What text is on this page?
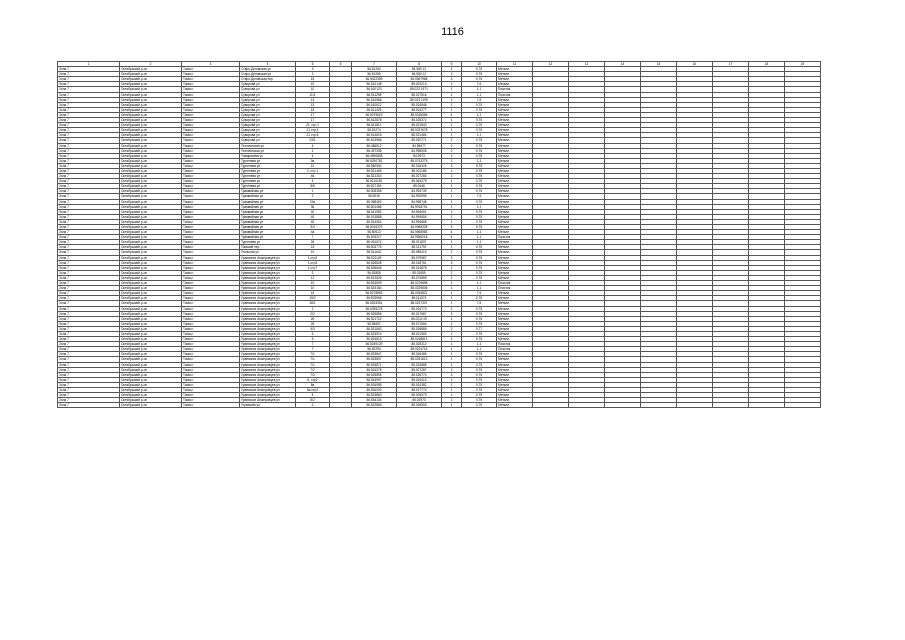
1116
1	2	3	4	5	6	7	8	9	10	11	12	13	14	15	16	17	18	19
Зона 7	Октябрьский р-он	Томск г	Старо-Деповская ул	3		56.51263	84.980 12	2	0,75	Металл								
Зона 7	Октябрьский р-он	Томск г	Старо-Деповская ул	3		56.51265	84.980 12	1	0,75	Металл								
Зона 7	Октябрьский р-он	Томск г	Старо-Деповская пер	15		56.5022359	84.9967968	3	0,75	Металл								
Зона 7	Октябрьский р-он	Томск г	Суворова ул	10		56.510148	85.023213	1	7,6	Металл								
Зона 7	Октябрьский р-он	Томск г	Суворова ул	10		56.510123	85.023 1971	1	1,1	Пластик								
Зона 7	Октябрьский р-он	Томск г	Суворова ул	11/1		56.511298	85.027516	1	1,1	Пластик								
Зона 7	Октябрьский р-он	Томск г	Суворова ул	13		56.510966	85.023 1199	1	7,6	Металл								
Зона 7	Октябрьский р-он	Томск г	Суворова ул	13		56.510612	85.024546	1	0,75	Металл								
Зона 7	Октябрьский р-он	Томск г	Суворова ул	15		56.511425	85.024277	1	0,75	Металл								
Зона 7	Октябрьский р-он	Томск г	Суворова ул	17		56.5075519	85.0236556	4	1,1	Металл								
Зона 7	Октябрьский р-он	Томск г	Суворова ул	17		56.512878	85.025372	1	0,75	Металл								
Зона 7	Октябрьский р-он	Томск г	Суворова ул	21, стр.1		56.511812	85.021842	2	0,75	Металл								
Зона 7	Октябрьский р-он	Томск г	Суворова ул	21 стр.4		56.51274	85.0237678	1	0,75	Металл								
Зона 7	Октябрьский р-он	Томск г	Суворова ул	21 стр.6		56.514815	85.021484	1	1,1	Металл								
Зона 7	Октябрьский р-он	Томск г	Суворова ул	23/1		56.513966	85.020771	2	0,75	Металл								
Зона 7	Октябрьский р-он	Томск г	Техническая ул	4		56.486512	84.95677	1	0,75	Металл								
Зона 7	Октябрьский р-он	Томск г	Техническая ул	2		56.497398	84.998908	2	0,75	Металл								
Зона 7	Октябрьский р-он	Томск г	Тимирязева ул	4		56.4990808	84.9973	1	0,75	Металл								
Зона 7	Октябрьский р-он	Томск г	Тургенева ул	9а		56.5290782	85.0743275	1	1,1	Металл								
Зона 7	Октябрьский р-он	Томск г	Тургенева ул	10		56.550934	85.016426	3	0,75	Металл								
Зона 7	Октябрьский р-он	Томск г	Тургенева ул	2, стр.1		56.521465	85.021186	1	0,75	Металл								
Зона 7	Октябрьский р-он	Томск г	Тургенева ул	46		56.521302	85.027266	2	0,75	Металл								
Зона 7	Октябрьский р-он	Томск г	Тургенева ул	4		56.5110152	85.064279	1	0,75	Металл								
Зона 7	Октябрьский р-он	Томск г	Тургенева ул	8/8		56.527154	85.0446	1	0,75	Металл								
Зона 7	Октябрьский р-он	Томск г	Трамвайная ул	1		56.505358	84.993739	1	0,75	Металл								
Зона 7	Октябрьский р-он	Томск г	Трамвайная ул	2		56.5915	84.992595	1	7,6	Металл								
Зона 7	Октябрьский р-он	Томск г	Трамвайная ул	23а		56.398482	84.998748	1	0,75	Металл								
Зона 7	Октябрьский р-он	Томск г	Трамвайная ул	36		56.501486	84.9918791	1	1,1	Металл								
Зона 7	Октябрьский р-он	Томск г	Трамвайная ул	40		56.511983	84.994061	1	0,75	Металл								
Зона 7	Октябрьский р-он	Томск г	Трамвайная ул	40		56.513888	84.994804	1	0,75	Металл								
Зона 7	Октябрьский р-он	Томск г	Трамвайная ул	40		56.514064	84.994868	1	0,75	Металл								
Зона 7	Октябрьский р-он	Томск г	Трамвайная ул	3/4		56.5016379	84.9968328	3	0,75	Металл								
Зона 7	Октябрьский р-он	Томск г	Трамвайная ул	4а		56.50613	84.9968983	4	1,1	Металл								
Зона 7	Октябрьский р-он	Томск г	Трамвайная ул	7		56.503217	84.9956218	4	1,1	Пластик								
Зона 7	Октябрьский р-он	Томск г	Тургенева ул	26		56.491674	85.011837	1	1,1	Металл								
Зона 7	Октябрьский р-он	Томск г	Томский пер	15		56.503775	85.011791	1	0,75	Металл								
Зона 7	Октябрьский р-он	Томск г	Угольная ул	10		56.511642	85.085419	2	0,75	Металл								
Зона 7	Октябрьский р-он	Томск г	Ураевских Анжеровцев ул	1,стр2		56.521149	85.079967	3	0,75	Металл								
Зона 7	Октябрьский р-он	Томск г	Ураевских Анжеровцев ул	1,стр3		56.526628	85.018761	3	0,75	Металл								
Зона 7	Октябрьский р-он	Томск г	Ураевских Анжеровцев ул	1,стр7		56.526646	85.014878	1	0,75	Металл								
Зона 7	Октябрьский р-он	Томск г	Ураевских Анжеровцев ул	3		56.52858	85.01859	2	0,75	Металл								
Зона 7	Октябрьский р-он	Томск г	Ураевских Анжеровцев ул	12		56.512526	85.074859	2	0,75	Металл								
Зона 7	Октябрьский р-он	Томск г	Ураевских Анжеровцев ул	10		56.524509	85.0276898	1	1,1	Пластик								
Зона 7	Октябрьский р-он	Томск г	Ураевских Анжеровцев ул	10		56.524184	85.0229836	1	1,1	Пластик								
Зона 7	Октябрьский р-он	Томск г	Ураевских Анжеровцев ул	15		56.5278853	85.0254822	1	7,6	Металл								
Зона 7	Октябрьский р-он	Томск г	Ураевских Анжеровцев ул	15/2		56.523966	85.011574	1	0,75	Металл								
Зона 7	Октябрьский р-он	Томск г	Ураевских Анжеровцев ул	18/1		56.5263351	85.0247337	1	7,6	Металл								
Зона 7	Октябрьский р-он	Томск г	Ураевских Анжеровцев ул	2		56.5255278	85.024773	2	0,75	Металл								
Зона 7	Октябрьский р-он	Томск г	Ураевских Анжеровцев ул	2/2		56.525856	85.017667	3	0,75	Металл								
Зона 7	Октябрьский р-он	Томск г	Ураевских Анжеровцев ул	26		56.521722	85.0211 09	1	0,75	Металл								
Зона 7	Октябрьский р-он	Томск г	Ураевских Анжеровцев ул	26		56.55697	85.071554	1	0,75	Металл								
Зона 7	Октябрьский р-он	Томск г	Ураевских Анжеровцев ул	4/3		56.521663	85.026868	2	0,77	Металл								
Зона 7	Октябрьский р-он	Томск г	Ураевских Анжеровцев ул	5		56.523914	85.021583	1	0,75	Металл								
Зона 7	Октябрьский р-он	Томск г	Ураевских Анжеровцев ул	5		56.524813	85.0248813	2	0,75	Металл								
Зона 7	Октябрьский р-он	Томск г	Ураевских Анжеровцев ул	7		56.5249129	85.025312	1	1,1	Пластик								
Зона 7	Октябрьский р-он	Томск г	Ураевских Анжеровцев ул	7		56.52294	85.0224715	1	1,1	Пластик								
Зона 7	Октябрьский р-он	Томск г	Ураевских Анжеровцев ул	7/1		56.523847	85.026486	1	0,75	Металл								
Зона 7	Октябрьский р-он	Томск г	Ураевских Анжеровцев ул	7/1		56.523807	85.0251613	1	0,75	Металл								
Зона 7	Октябрьский р-он	Томск г	Ураевских Анжеровцев ул	7/1		56.525871	85.024885	1	0,75	Металл								
Зона 7	Октябрьский р-он	Томск г	Ураевских Анжеровцев ул	7/2		56.524378	85.027287	1	0,75	Металл								
Зона 7	Октябрьский р-он	Томск г	Ураевских Анжеровцев ул	7/3		56.525895	85.026774	3	0,75	Металл								
Зона 7	Октябрьский р-он	Томск г	Ураевских Анжеровцев ул	8, стр2		56.524997	85.019413	1	0,75	Металл								
Зона 7	Октябрьский р-он	Томск г	Ураевских Анжеровцев ул	8а		56.534985	85.024382	1	0,75	Металл								
Зона 7	Октябрьский р-он	Томск г	Ураевских Анжеровцев ул	8а стр2		56.534000	85.027774	1	0,75	Металл								
Зона 7	Октябрьский р-он	Томск г	Ураевских Анжеровцев ул	8		56.523863	85.025573	1	0,75	Металл								
Зона 7	Октябрьский р-он	Томск г	Ураевских Анжеровцев ул	8/2		56.534134	85.02973	2	0,75	Металл								
Зона 7	Октябрьский р-он	Томск г	Угрюмова ул	2		56.522866	85.026953	1	0,75	Металл								
